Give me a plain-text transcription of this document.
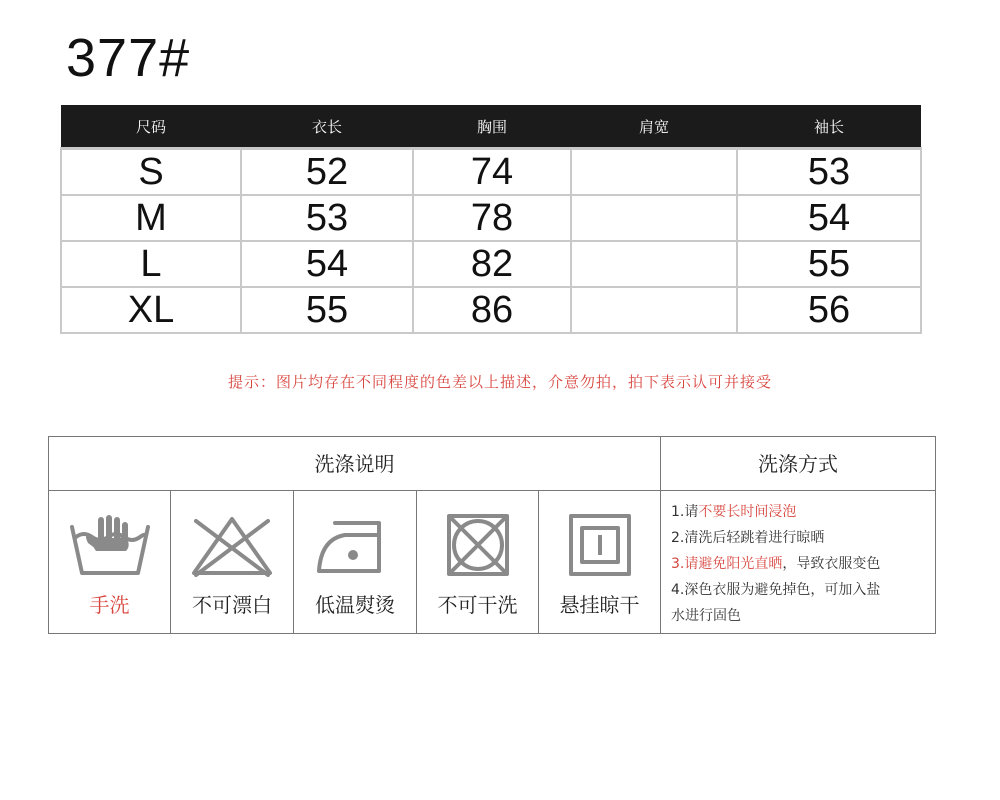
377#
尺码	衣长	胸围	肩宽	袖长
S	52	74		53
M	53	78		54
L	54	82		55
XL	55	86		56
提示：图片均存在不同程度的色差以上描述，介意勿拍，拍下表示认可并接受
洗涤说明	洗涤方式
手洗	不可漂白	低温熨烫	不可干洗	悬挂晾干
1.请不要长时间浸泡
2.清洗后轻跳着进行晾晒
3.请避免阳光直晒，导致衣服变色
4.深色衣服为避免掉色，可加入盐
水进行固色
